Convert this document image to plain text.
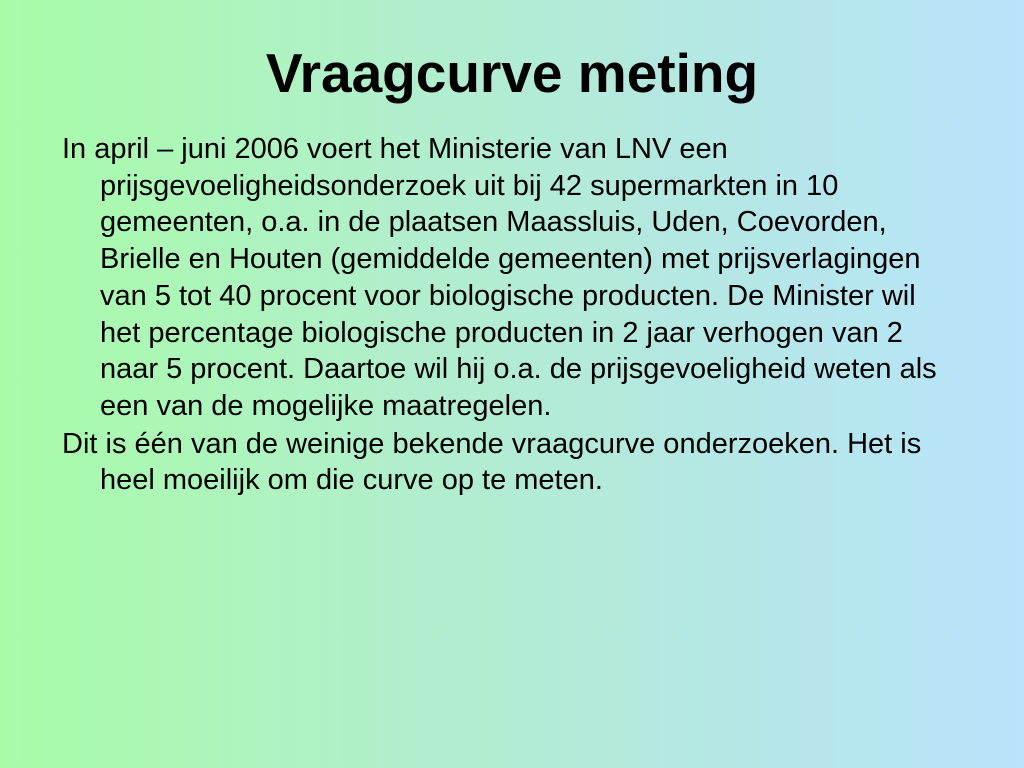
Vraagcurve meting

In april – juni 2006 voert het Ministerie van LNV een prijsgevoeligheidsonderzoek uit bij 42 supermarkten in 10 gemeenten, o.a. in de plaatsen Maassluis, Uden, Coevorden, Brielle en Houten (gemiddelde gemeenten) met prijsverlagingen van 5 tot 40 procent voor biologische producten. De Minister wil het percentage biologische producten in 2 jaar verhogen van 2 naar 5 procent. Daartoe wil hij o.a. de prijsgevoeligheid weten als een van de mogelijke maatregelen.

Dit is één van de weinige bekende vraagcurve onderzoeken. Het is heel moeilijk om die curve op te meten.
